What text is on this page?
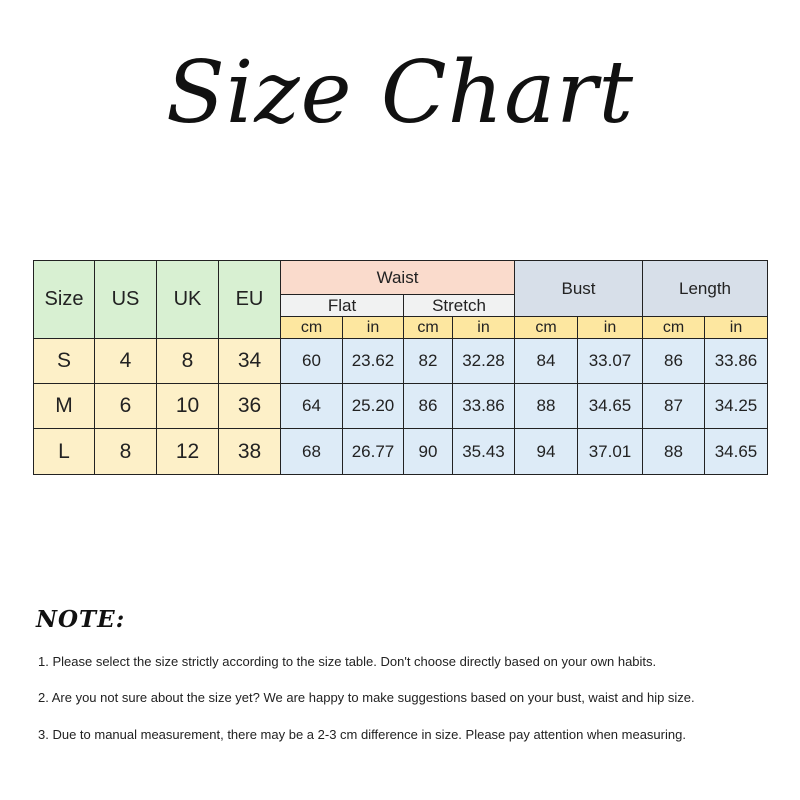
Size Chart
Size	US	UK	EU	Waist				Bust		Length	
				Flat		Stretch					
				cm	in	cm	in	cm	in	cm	in
S	4	8	34	60	23.62	82	32.28	84	33.07	86	33.86
M	6	10	36	64	25.20	86	33.86	88	34.65	87	34.25
L	8	12	38	68	26.77	90	35.43	94	37.01	88	34.65
NOTE:
1. Please select the size strictly according to the size table. Don't choose directly based on your own habits.
2. Are you not sure about the size yet? We are happy to make suggestions based on your bust, waist and hip size.
3. Due to manual measurement, there may be a 2-3 cm difference in size. Please pay attention when measuring.
